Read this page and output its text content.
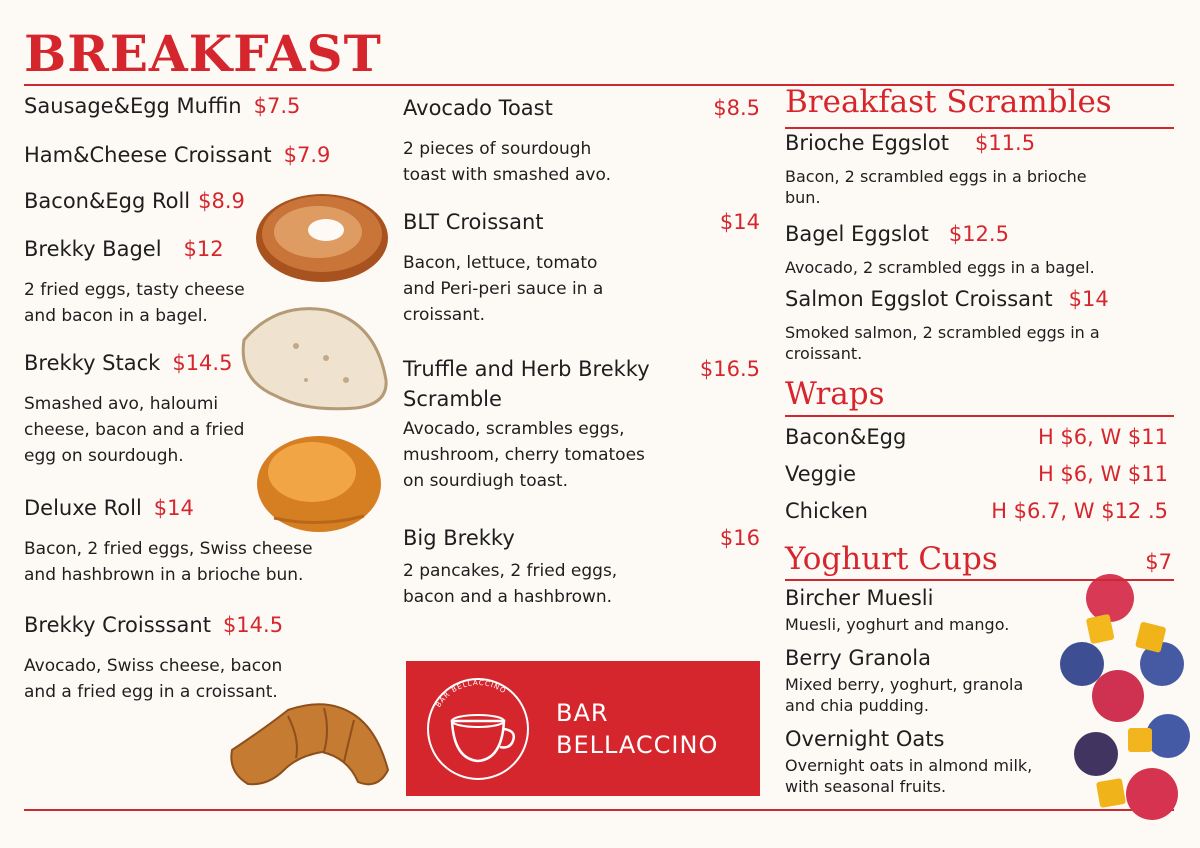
BREAKFAST
Sausage&Egg Muffin $7.5
Ham&Cheese Croissant $7.9
Bacon&Egg Roll $8.9
Brekky Bagel $12
2 fried eggs, tasty cheese
and bacon in a bagel.
Brekky Stack $14.5
Smashed avo, haloumi
cheese, bacon and a fried
egg on sourdough.
Deluxe Roll $14
Bacon, 2 fried eggs, Swiss cheese
and hashbrown in a brioche bun.
Brekky Croisssant $14.5
Avocado, Swiss cheese, bacon
and a fried egg in a croissant.
Avocado Toast	$8.5
2 pieces of sourdough
toast with smashed avo.
BLT Croissant	$14
Bacon, lettuce, tomato
and Peri-peri sauce in a
croissant.
Truffle and Herb Brekky
Scramble
$16.5
Avocado, scrambles eggs,
mushroom, cherry tomatoes
on sourdiugh toast.
Big Brekky	$16
2 pancakes, 2 fried eggs,
bacon and a hashbrown.
BAR BELLACCINO
BAR
BELLACCINO
Breakfast Scrambles
Brioche Eggslot $11.5
Bacon, 2 scrambled eggs in a brioche
bun.
Bagel Eggslot $12.5
Avocado, 2 scrambled eggs in a bagel.
Salmon Eggslot Croissant $14
Smoked salmon, 2 scrambled eggs in a
croissant.
Wraps
Bacon&Egg	H $6, W $11
Veggie	H $6, W $11
Chicken	H $6.7, W $12 .5
Yoghurt Cups	$7
Bircher Muesli
Muesli, yoghurt and mango.
Berry Granola
Mixed berry, yoghurt, granola
and chia pudding.
Overnight Oats
Overnight oats in almond milk,
with seasonal fruits.
